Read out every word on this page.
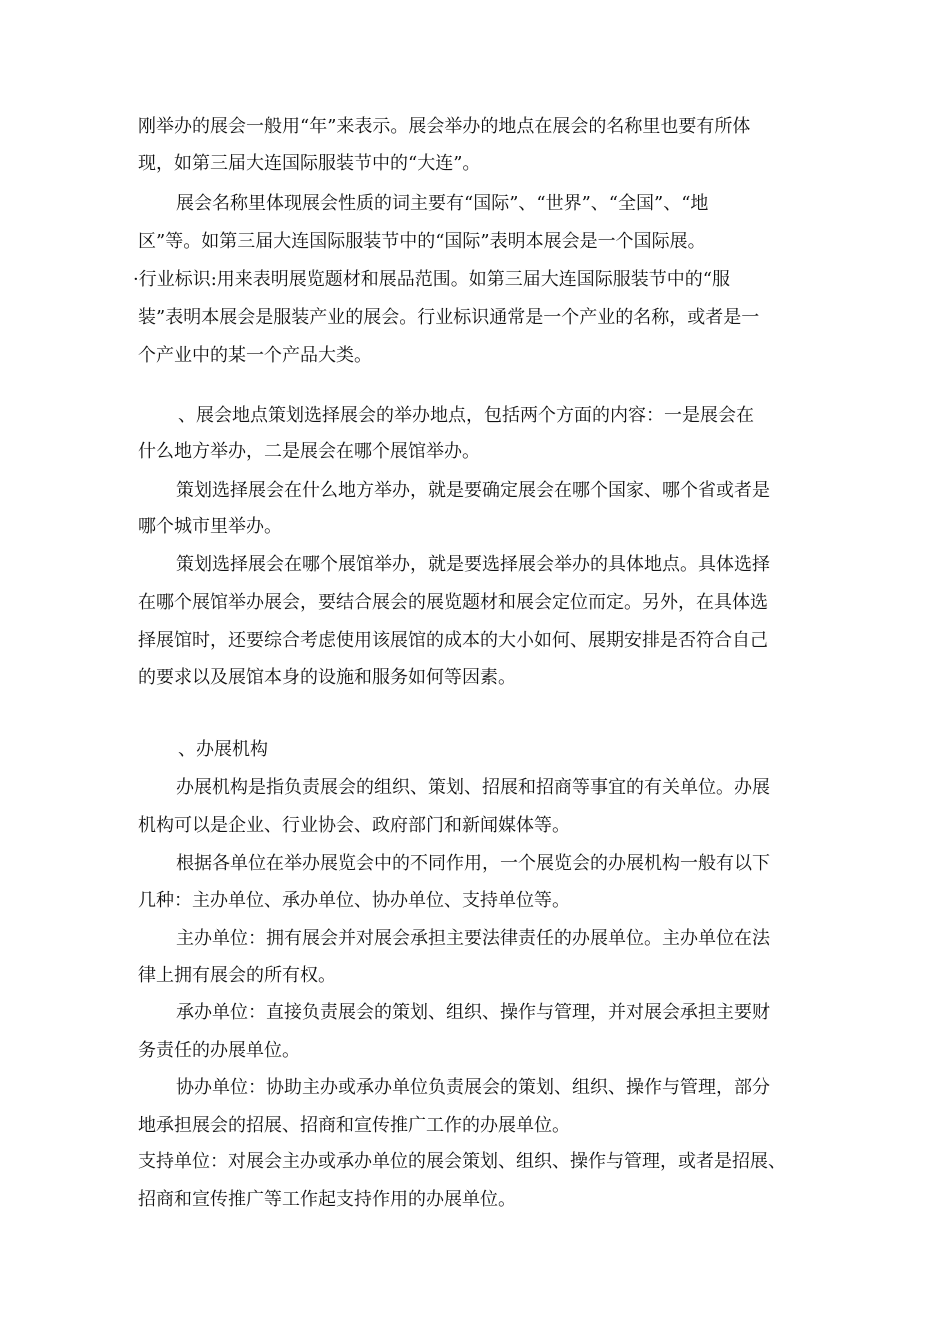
刚举办的展会一般用“年”来表示。展会举办的地点在展会的名称里也要有所体
现，如第三届大连国际服装节中的“大连”。
展会名称里体现展会性质的词主要有“国际”、“世界”、“全国”、“地
区”等。如第三届大连国际服装节中的“国际”表明本展会是一个国际展。
·行业标识:用来表明展览题材和展品范围。如第三届大连国际服装节中的“服
装”表明本展会是服装产业的展会。行业标识通常是一个产业的名称，或者是一
个产业中的某一个产品大类。
、展会地点策划选择展会的举办地点，包括两个方面的内容：一是展会在
什么地方举办，二是展会在哪个展馆举办。
策划选择展会在什么地方举办，就是要确定展会在哪个国家、哪个省或者是
哪个城市里举办。
策划选择展会在哪个展馆举办，就是要选择展会举办的具体地点。具体选择
在哪个展馆举办展会，要结合展会的展览题材和展会定位而定。另外，在具体选
择展馆时，还要综合考虑使用该展馆的成本的大小如何、展期安排是否符合自己
的要求以及展馆本身的设施和服务如何等因素。
、办展机构
办展机构是指负责展会的组织、策划、招展和招商等事宜的有关单位。办展
机构可以是企业、行业协会、政府部门和新闻媒体等。
根据各单位在举办展览会中的不同作用，一个展览会的办展机构一般有以下
几种：主办单位、承办单位、协办单位、支持单位等。
主办单位：拥有展会并对展会承担主要法律责任的办展单位。主办单位在法
律上拥有展会的所有权。
承办单位：直接负责展会的策划、组织、操作与管理，并对展会承担主要财
务责任的办展单位。
协办单位：协助主办或承办单位负责展会的策划、组织、操作与管理，部分
地承担展会的招展、招商和宣传推广工作的办展单位。
支持单位：对展会主办或承办单位的展会策划、组织、操作与管理，或者是招展、
招商和宣传推广等工作起支持作用的办展单位。
